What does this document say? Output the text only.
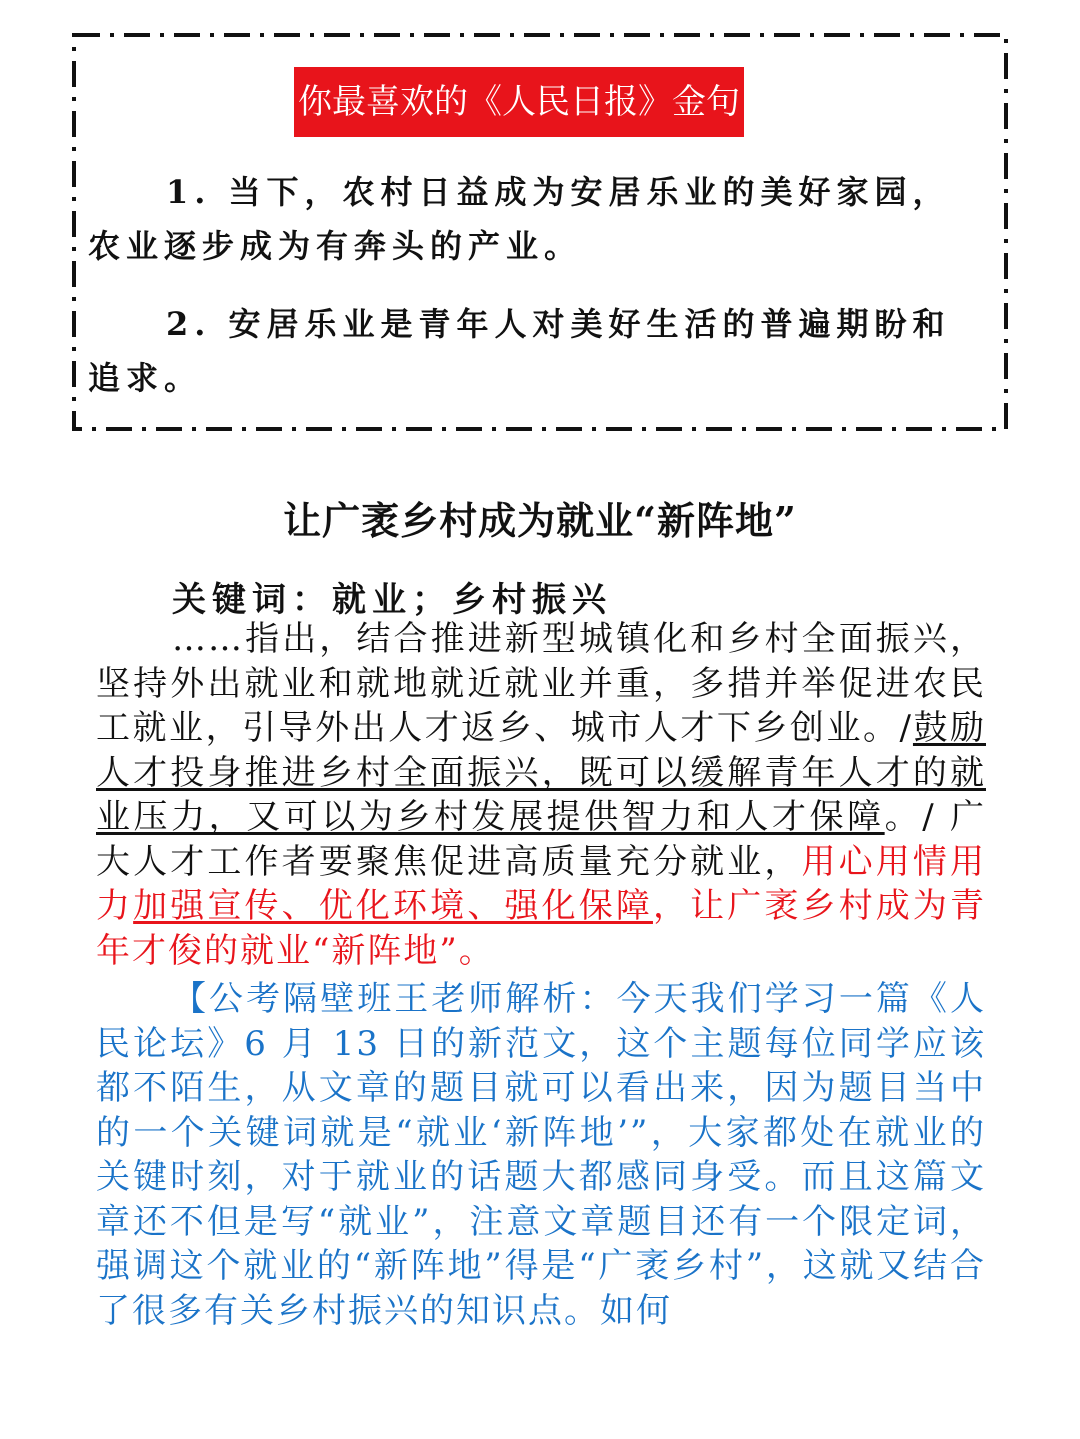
你最喜欢的《人民日报》金句
1. 当下，农村日益成为安居乐业的美好家园，农业逐步成为有奔头的产业。
2. 安居乐业是青年人对美好生活的普遍期盼和追求。
让广袤乡村成为就业“新阵地”
关键词：就业；乡村振兴
……指出，结合推进新型城镇化和乡村全面振兴，坚持外出就业和就地就近就业并重，多措并举促进农民工就业，引导外出人才返乡、城市人才下乡创业。/鼓励人才投身推进乡村全面振兴，既可以缓解青年人才的就业压力，又可以为乡村发展提供智力和人才保障。/ 广大人才工作者要聚焦促进高质量充分就业，用心用情用力加强宣传、优化环境、强化保障，让广袤乡村成为青年才俊的就业“新阵地”。
【公考隔壁班王老师解析：今天我们学习一篇《人民论坛》6 月 13 日的新范文，这个主题每位同学应该都不陌生，从文章的题目就可以看出来，因为题目当中的一个关键词就是“就业‘新阵地’”，大家都处在就业的关键时刻，对于就业的话题大都感同身受。而且这篇文章还不但是写“就业”，注意文章题目还有一个限定词，强调这个就业的“新阵地”得是“广袤乡村”，这就又结合了很多有关乡村振兴的知识点。如何
